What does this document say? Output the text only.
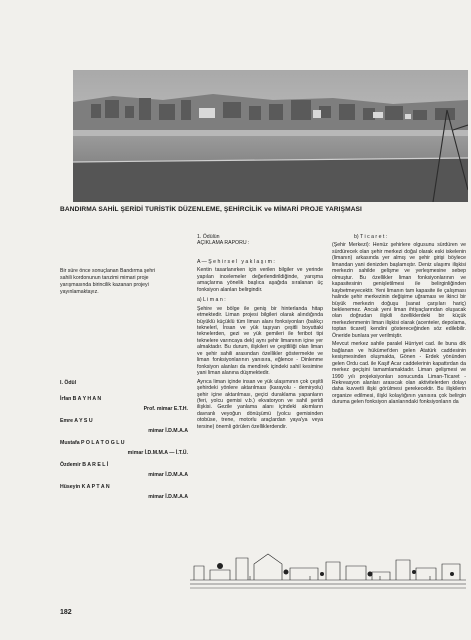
BANDIRMA SAHİL ŞERİDİ TURİSTİK DÜZENLEME, ŞEHİRCİLİK ve MİMARİ PROJE YARIŞMASI
Bir süre önce sonuçlanan Bandırma şehri sahili kordonunun tanzimi mimari proje yarışmasında birincilik kazanan projeyi yayınlamaktayız.
I. Ödül
İrfan B A Y H A N
Prof. mimar E.T.H.
Emre A Y S U
mimar İ.D.M.A.A
Mustafa P O L A T O G L U
mimar İ.D.M.M.A — İ.T.Ü.
Özdemir B A R E L İ
mimar İ.D.M.A.A
Hüseyin K A P T A N
mimar İ.D.M.A.A

1. Ödülün

AÇIKLAMA RAPORU :

A — Ş e h i r s e l   y a k l a ş ı m :

Kentin tasarlanırken için verilen bilgiler ve yerinde yapılan incelemeler değerlendirildiğinde, yarışma amaçlarına yönelik başlıca aşağıda sıralanan üç fonksiyon alanları belirgindir.

a) L i m a n :

Şehire ve bölge ile geniş bir hinterlanda hitap etmektedir. Liman projesi bilgileri olarak alındığında büyüklü küçüklü tüm liman alanı fonksiyonları (balıkçı teknelerl, İnsan ve yük taşıyan çeşitli boyuttaki teknelerden, gezi ve yük gemileri ile feribot tipi teknelere varıncaya dek) aynı şehir limanının içine yer almaktadır. Bu durum, ilişkileri ve çeşitliliği olan liman ve şehir sahili arasından özellikler göstermekte ve liman fonksiyonlarının yanısıra, eğlence - Dinlenme fonksiyon alanları da mendirek içindeki sahil kesimine yani liman alanına düşmektedir.

Ayrıca liman içinde insan ve yük ulaşımının çok çeşitli şehirdeki yönlere aktarılması (karayolu - demiryolu) şehir içine aktarılması, geçici duraklama yapanların (feri, yolcu gemisi v.b.) ekvatoryon ve sahil şeridi ilişkisi. Gezile yanlama alanı içindeki akımların davranlı veyoğun dönüşümü (yolcu gemisinden otobüse, trene, motorlu araçlardan yaya'ya veya tersine) önemli görülen özelliklerdendir.

b) T i c a r e t :

(Şehir Merkezi): Henüz şehirlere olgusunu sürdüren ve sürdürecek olan şehir merkezi doğal olarak eski iskelenin (limanın) arkasında yer almış ve şehir girişi böylece limandan yani denizden başlamıştır. Deniz ulaşımı ilişkisi merkezin sahilde gelişme ve yerleşmesine sebep olmuştur. Bu özellikler liman fonksiyonlarının ve kapasitesinin genişletilmesi ile belirginliğinden kaybetmeyecektir. Yeni limanın tam kapasite ile çalışması halinde şehir merkezinin değişime uğraması ve ikinci bir büyük merkezin doğuşu (sanat çarşıları hariç) beklenemez. Ancak yeni liman ihtiyaçlarından oluşacak olan doğrudan ilişkili özelliklerdeki bir küçük merkezlenmenin liman ilişkisi olarak (acenteler, depolama, toptan ticaret) kendini göstereceğinden söz edilebilir. Öneride bunlara yer verilmiştir.

Mevcut merkez sahile paralel Hürriyet cad. ile buna dik bağlanan ve hükümet'den gelen Atatürk caddesinin kesişmesinden oluşmakta, Gönen - Erdek yönünden gelen Ordu cad. ile Kaşif Acar caddelerinin kapattırdan da merkez geçişini tamamlamaktadır. Liman gelişmesi ve 1990 yılı projeksiyonları sonucunda Liman-Ticaret - Rekreasyon alanları arasıcak olan aktivitelerden dolayı daha kuvvetli ilişki görülmesi gerekecektir. Bu ilişkilerin organize edilmesi, ilişki kolaylığının yanısıra çok belirgin duruma gelen fonksiyon alanlarındaki fonksiyonların da

182
